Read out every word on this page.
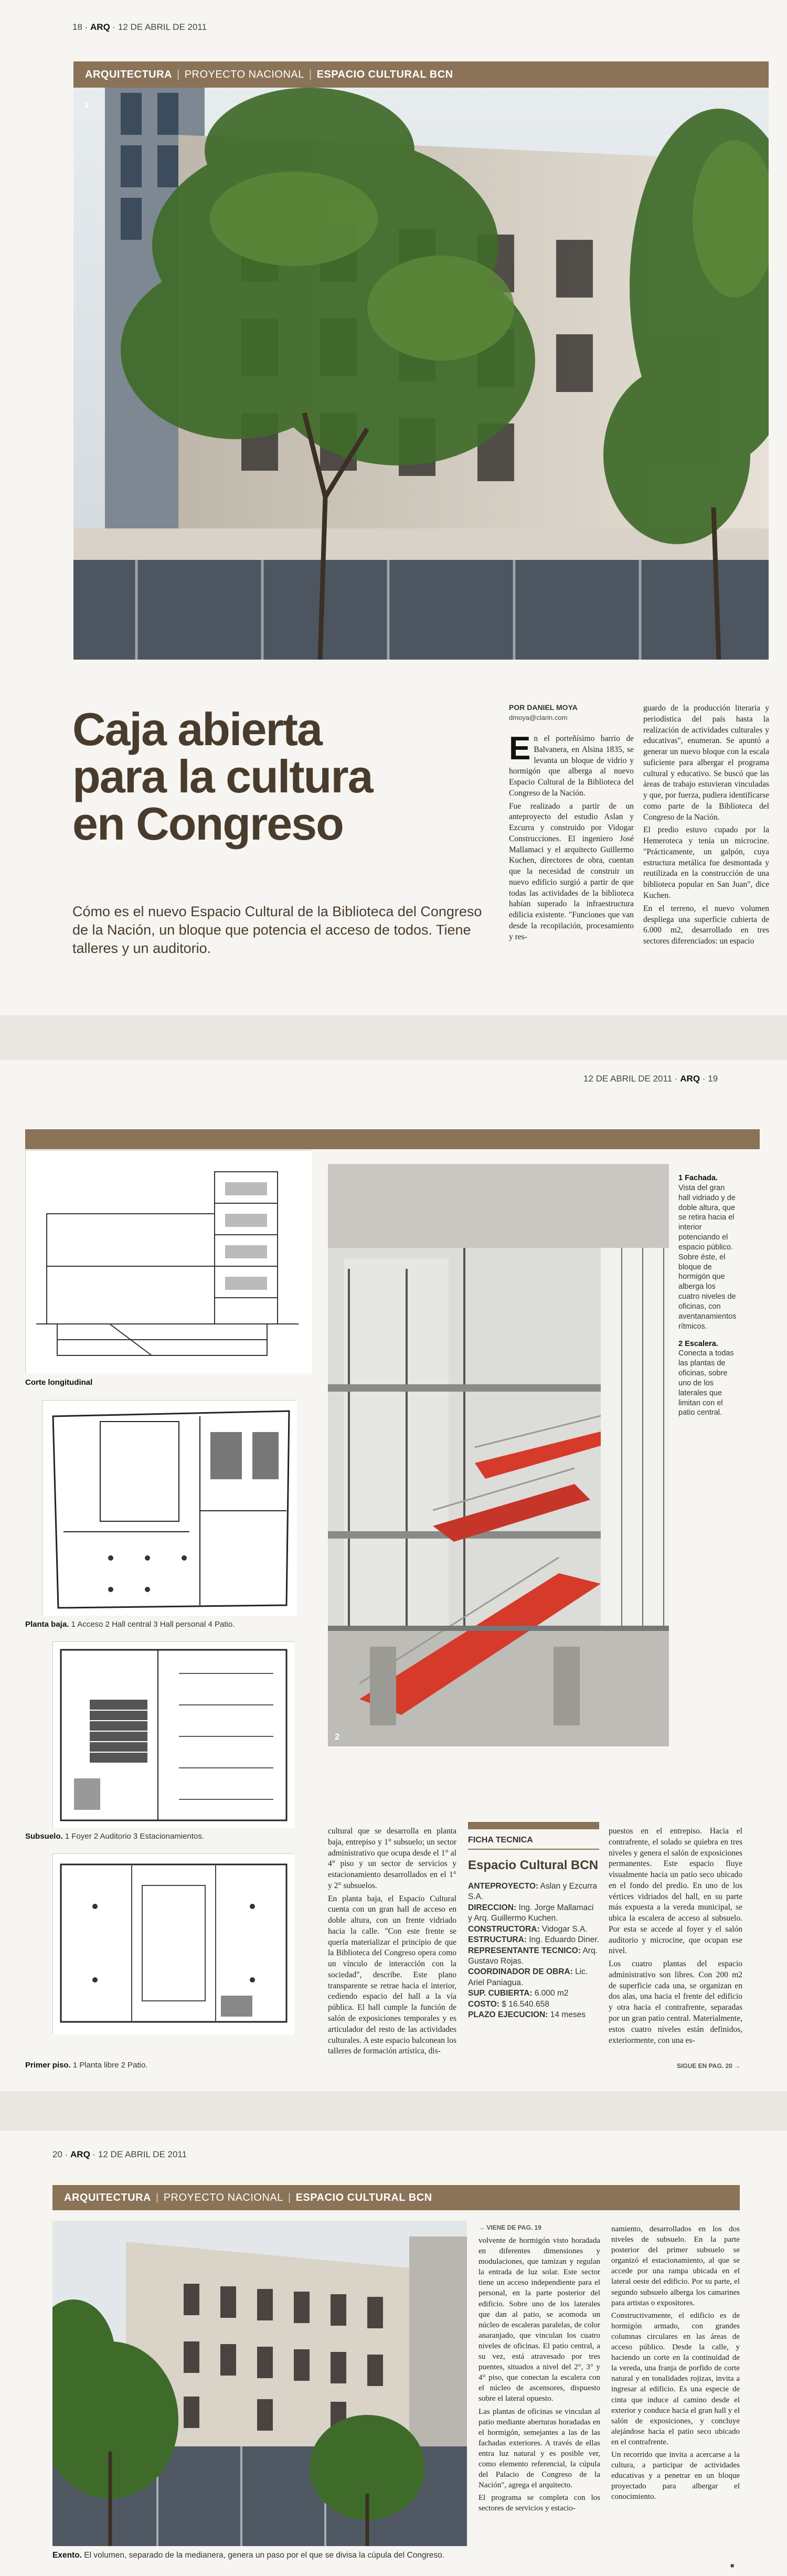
18 · ARQ · 12 DE ABRIL DE 2011
ARQUITECTURA | PROYECTO NACIONAL | ESPACIO CULTURAL BCN
1
Caja abierta
para la cultura
en Congreso
Cómo es el nuevo Espacio Cultural de la Biblioteca del Congreso de la Nación, un bloque que potencia el acceso de todos. Tiene talleres y un auditorio.
POR DANIEL MOYA
dmoya@clarin.com

En el porteñísimo barrio de Balvanera, en Alsina 1835, se levanta un bloque de vidrio y hormigón que alberga al nuevo Espacio Cultural de la Biblioteca del Congreso de la Nación.

Fue realizado a partir de un anteproyecto del estudio Aslan y Ezcurra y construido por Vidogar Construcciones. El ingeniero José Mallamaci y el arquitecto Guillermo Kuchen, directores de obra, cuentan que la necesidad de construir un nuevo edificio surgió a partir de que todas las actividades de la biblioteca habían superado la infraestructura edilicia existente. "Funciones que van desde la recopilación, procesamiento y res-

guardo de la producción literaria y periodística del país hasta la realización de actividades culturales y educativas", enumeran. Se apuntó a generar un nuevo bloque con la escala suficiente para albergar el programa cultural y educativo. Se buscó que las áreas de trabajo estuvieran vinculadas y que, por fuerza, pudiera identificarse como parte de la Biblioteca del Congreso de la Nación.

El predio estuvo cupado por la Hemeroteca y tenía un microcine. "Prácticamente, un galpón, cuya estructura metálica fue desmontada y reutilizada en la construcción de una biblioteca popular en San Juan", dice Kuchen.

En el terreno, el nuevo volumen despliega una superficie cubierta de 6.000 m2, desarrollado en tres sectores diferenciados: un espacio

12 DE ABRIL DE 2011 · ARQ · 19
Corte longitudinal
Planta baja. 1 Acceso 2 Hall central 3 Hall personal 4 Patio.
Subsuelo. 1 Foyer 2 Auditorio 3 Estacionamientos.
Primer piso. 1 Planta libre 2 Patio.
2

1 Fachada. Vista del gran hall vidriado y de doble altura, que se retira hacia el interior potenciando el espacio público. Sobre éste, el bloque de hormigón que alberga los cuatro niveles de oficinas, con aventanamientos rítmicos.

2 Escalera. Conecta a todas las plantas de oficinas, sobre uno de los laterales que limitan con el patio central.

cultural que se desarrolla en planta baja, entrepiso y 1° subsuelo; un sector administrativo que ocupa desde el 1° al 4° piso y un sector de servicios y estacionamiento desarrollados en el 1° y 2° subsuelos.

En planta baja, el Espacio Cultural cuenta con un gran hall de acceso en doble altura, con un frente vidriado hacia la calle. "Con este frente se quería materializar el principio de que la Biblioteca del Congreso opera como un vínculo de interacción con la sociedad", describe. Este plano transparente se retrae hacia el interior, cediendo espacio del hall a la vía pública. El hall cumple la función de salón de exposiciones temporales y es articulador del resto de las actividades culturales. A este espacio balconean los talleres de formación artística, dis-

FICHA TECNICA
Espacio Cultural BCN
ANTEPROYECTO: Aslan y Ezcurra S.A.
DIRECCION: Ing. Jorge Mallamaci y Arq. Guillermo Kuchen.
CONSTRUCTORA: Vidogar S.A.
ESTRUCTURA: Ing. Eduardo Diner.
REPRESENTANTE TECNICO: Arq. Gustavo Rojas.
COORDINADOR DE OBRA: Lic. Ariel Paniagua.
SUP. CUBIERTA: 6.000 m2
COSTO: $ 16.540.658
PLAZO EJECUCION: 14 meses

puestos en el entrepiso. Hacia el contrafrente, el solado se quiebra en tres niveles y genera el salón de exposiciones permanentes. Este espacio fluye visualmente hacia un patio seco ubicado en el fondo del predio. En uno de los vértices vidriados del hall, en su parte más expuesta a la vereda municipal, se ubica la escalera de acceso al subsuelo. Por esta se accede al foyer y el salón auditorio y microcine, que ocupan ese nivel.

Los cuatro plantas del espacio administrativo son libres. Con 200 m2 de superficie cada una, se organizan en dos alas, una hacia el frente del edificio y otra hacia el contrafrente, separadas por un gran patio central. Materialmente, estos cuatro niveles están definidos, exteriormente, con una es-

SIGUE EN PAG. 20 →
20 · ARQ · 12 DE ABRIL DE 2011
ARQUITECTURA | PROYECTO NACIONAL | ESPACIO CULTURAL BCN
Exento. El volumen, separado de la medianera, genera un paso por el que se divisa la cúpula del Congreso.
→ VIENE DE PAG. 19

volvente de hormigón visto horadada en diferentes dimensiones y modulaciones, que tamizan y regulan la entrada de luz solar. Este sector tiene un acceso independiente para el personal, en la parte posterior del edificio. Sobre uno de los laterales que dan al patio, se acomoda un núcleo de escaleras paralelas, de color anaranjado, que vinculan los cuatro niveles de oficinas. El patio central, a su vez, está atravesado por tres puentes, situados a nivel del 2°, 3° y 4° piso, que conectan la escalera con el núcleo de ascensores, dispuesto sobre el lateral opuesto.

Las plantas de oficinas se vinculan al patio mediante aberturas horadadas en el hormigón, semejantes a las de las fachadas exteriores. A través de ellas entra luz natural y es posible ver, como elemento referencial, la cúpula del Palacio de Congreso de la Nación", agrega el arquitecto.

El programa se completa con los sectores de servicios y estacio-

namiento, desarrollados en los dos niveles de subsuelo. En la parte posterior del primer subsuelo se organizó el estacionamiento, al que se accede por una rampa ubicada en el lateral oeste del edificio. Por su parte, el segundo subsuelo alberga los camarines para artistas o expositores.

Constructivamente, el edificio es de hormigón armado, con grandes columnas circulares en las áreas de acceso público. Desde la calle, y haciendo un corte en la continuidad de la vereda, una franja de porfido de corte natural y en tonalidades rojizas, invita a ingresar al edificio. Es una especie de cinta que induce al camino desde el exterior y conduce hacia el gran hall y el salón de exposiciones, y concluye alejándose hacia el patio seco ubicado en el contrafrente.

Un recorrido que invita a acercarse a la cultura, a participar de actividades educativas y a penetrar en un bloque proyectado para albergar el conocimiento.

■
